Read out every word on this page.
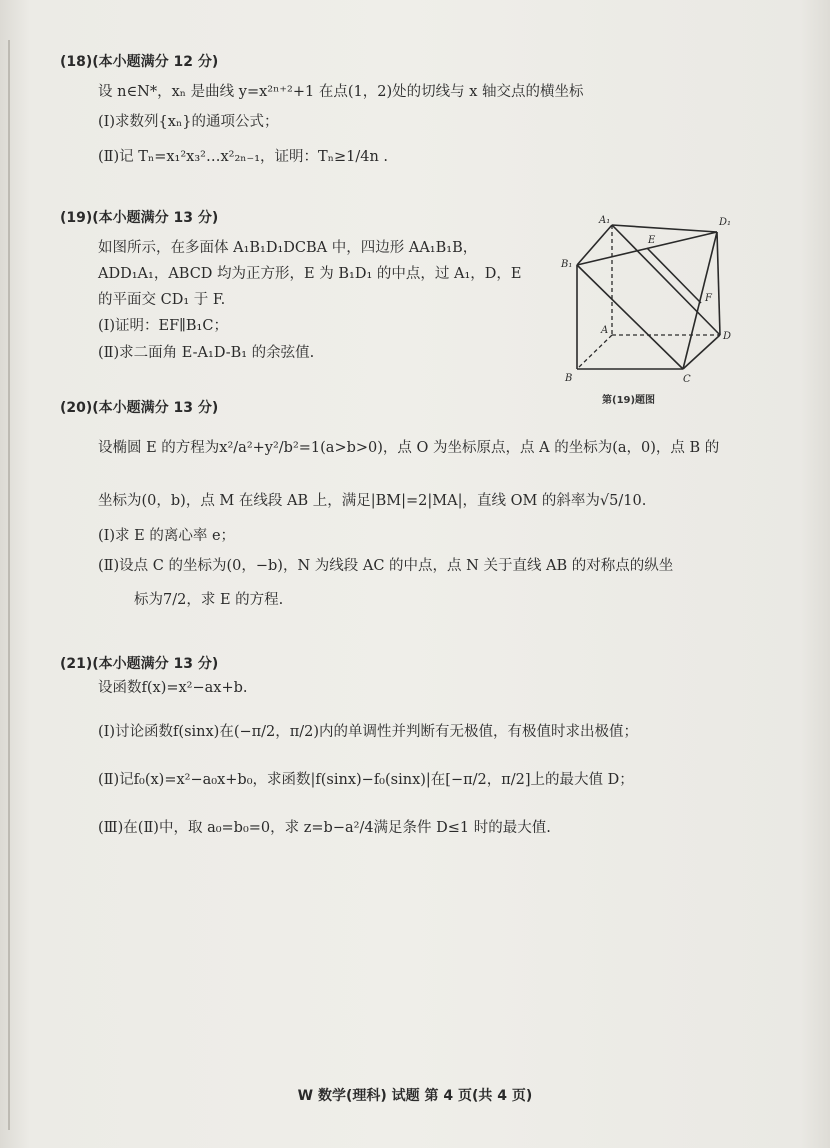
(18)(本小题满分 12 分)
设 n∈N*，xₙ 是曲线 y=x²ⁿ⁺²+1 在点(1，2)处的切线与 x 轴交点的横坐标
(Ⅰ)求数列{xₙ}的通项公式；
(Ⅱ)记 Tₙ=x₁²x₃²…x²₂ₙ₋₁，证明：Tₙ≥1/4n .
(19)(本小题满分 13 分)
如图所示，在多面体 A₁B₁D₁DCBA 中，四边形 AA₁B₁B，
ADD₁A₁，ABCD 均为正方形，E 为 B₁D₁ 的中点，过 A₁，D，E
的平面交 CD₁ 于 F.
(Ⅰ)证明：EF∥B₁C；
(Ⅱ)求二面角 E-A₁D-B₁ 的余弦值.
A₁	D₁
B₁
E
F
A
D
B	C
第(19)题图
(20)(本小题满分 13 分)
设椭圆 E 的方程为x²/a²+y²/b²=1(a>b>0)，点 O 为坐标原点，点 A 的坐标为(a，0)，点 B 的
坐标为(0，b)，点 M 在线段 AB 上，满足|BM|=2|MA|，直线 OM 的斜率为√5/10.
(Ⅰ)求 E 的离心率 e；
(Ⅱ)设点 C 的坐标为(0，−b)，N 为线段 AC 的中点，点 N 关于直线 AB 的对称点的纵坐
标为7/2，求 E 的方程.
(21)(本小题满分 13 分)
设函数f(x)=x²−ax+b.
(Ⅰ)讨论函数f(sinx)在(−π/2，π/2)内的单调性并判断有无极值，有极值时求出极值；
(Ⅱ)记f₀(x)=x²−a₀x+b₀，求函数|f(sinx)−f₀(sinx)|在[−π/2，π/2]上的最大值 D；
(Ⅲ)在(Ⅱ)中，取 a₀=b₀=0，求 z=b−a²/4满足条件 D≤1 时的最大值.
W 数学(理科) 试题 第 4 页(共 4 页)
